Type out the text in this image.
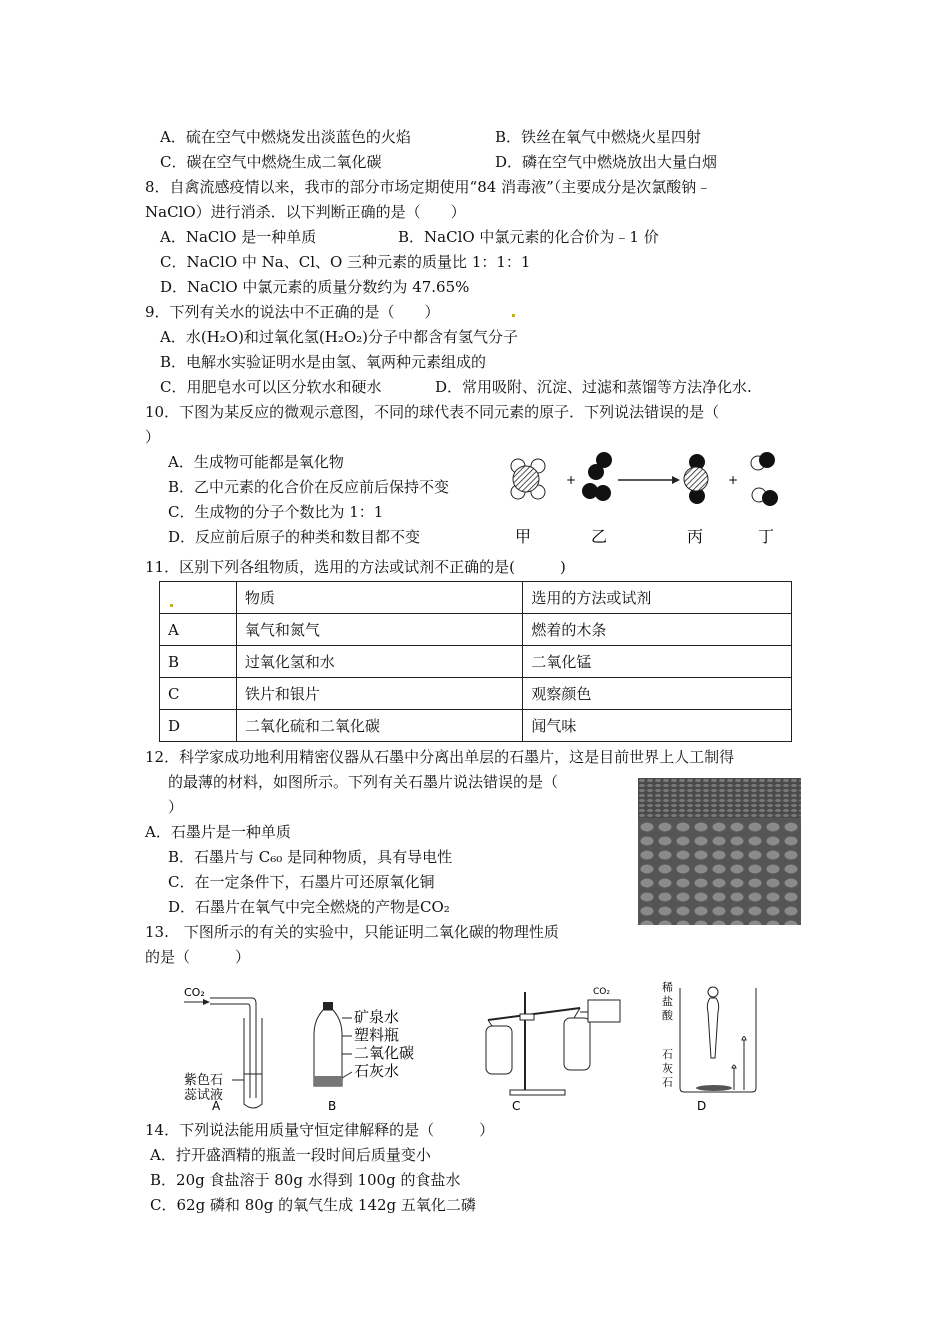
A．硫在空气中燃烧发出淡蓝色的火焰	B．铁丝在氧气中燃烧火星四射
C．碳在空气中燃烧生成二氧化碳	D．磷在空气中燃烧放出大量白烟
8．自禽流感疫情以来，我市的部分市场定期使用“84 消毒液”（主要成分是次氯酸钠﹣
NaClO）进行消杀．以下判断正确的是（　　）
A．NaClO 是一种单质	B．NaClO 中氯元素的化合价为﹣1 价
C．NaClO 中 Na、Cl、O 三种元素的质量比 1：1：1
D．NaClO 中氯元素的质量分数约为 47.65%
9．下列有关水的说法中不正确的是（　　）
A．水(H₂O)和过氧化氢(H₂O₂)分子中都含有氢气分子
B．电解水实验证明水是由氢、氧两种元素组成的
C．用肥皂水可以区分软水和硬水	D．常用吸附、沉淀、过滤和蒸馏等方法净化水.
10．下图为某反应的微观示意图，不同的球代表不同元素的原子．下列说法错误的是（
）
A．生成物可能都是氧化物
B．乙中元素的化合价在反应前后保持不变
C．生成物的分子个数比为 1：1
D．反应前后原子的种类和数目都不变
+	+
甲	乙	丙	丁
11．区别下列各组物质，选用的方法或试剂不正确的是(　　　)
	物质	选用的方法或试剂
A	氧气和氮气	燃着的木条
B	过氧化氢和水	二氧化锰
C	铁片和银片	观察颜色
D	二氧化硫和二氧化碳	闻气味
12．科学家成功地利用精密仪器从石墨中分离出单层的石墨片，这是目前世界上人工制得
的最薄的材料，如图所示。下列有关石墨片说法错误的是（
）
A．石墨片是一种单质
B．石墨片与 C₆₀ 是同种物质，具有导电性
C．在一定条件下，石墨片可还原氧化铜
D．石墨片在氧气中完全燃烧的产物是CO₂
13.　下图所示的有关的实验中，只能证明二氧化碳的物理性质
的是（　　　）
CO₂
紫色石
蕊试液
A
矿泉水
塑料瓶
二氧化碳
石灰水
B
CO₂
C
稀
盐
酸
石
灰
石
D
14．下列说法能用质量守恒定律解释的是（　　　）
A．拧开盛酒精的瓶盖一段时间后质量变小
B．20g 食盐溶于 80g 水得到 100g 的食盐水
C．62g 磷和 80g 的氧气生成 142g 五氧化二磷
